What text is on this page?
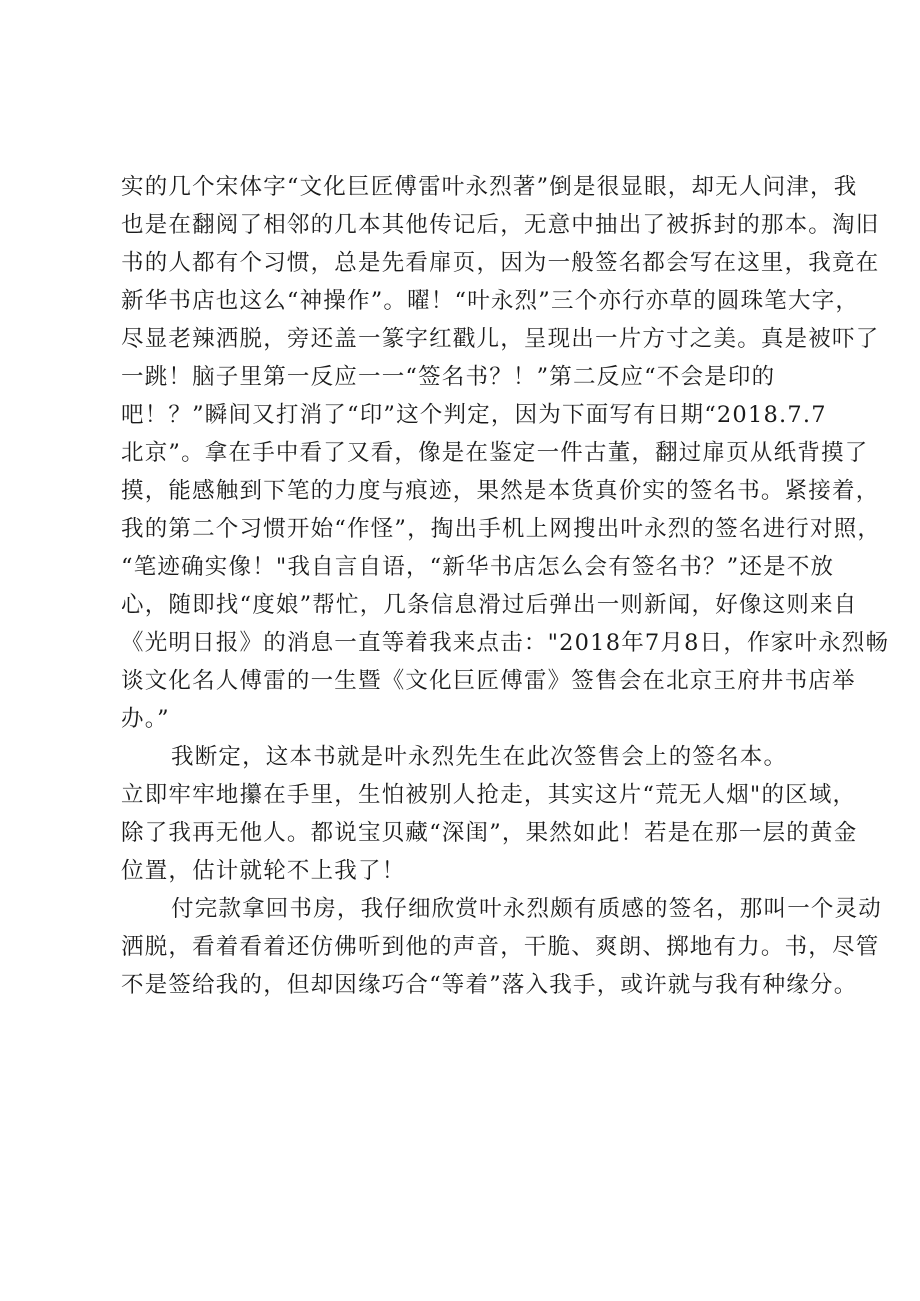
实的几个宋体字“文化巨匠傅雷叶永烈著”倒是很显眼，却无人问津，我
也是在翻阅了相邻的几本其他传记后，无意中抽出了被拆封的那本。淘旧
书的人都有个习惯，总是先看扉页，因为一般签名都会写在这里，我竟在
新华书店也这么“神操作”。曜！“叶永烈”三个亦行亦草的圆珠笔大字，
尽显老辣洒脱，旁还盖一篆字红戳儿，呈现出一片方寸之美。真是被吓了
一跳！脑子里第一反应一一“签名书？！”第二反应“不会是印的
吧！？”瞬间又打消了“印”这个判定，因为下面写有日期“2018.7.7
北京”。拿在手中看了又看，像是在鉴定一件古董，翻过扉页从纸背摸了
摸，能感触到下笔的力度与痕迹，果然是本货真价实的签名书。紧接着，
我的第二个习惯开始“作怪”，掏出手机上网搜出叶永烈的签名进行对照，
“笔迹确实像！"我自言自语，“新华书店怎么会有签名书？”还是不放
心，随即找“度娘”帮忙，几条信息滑过后弹出一则新闻，好像这则来自
《光明日报》的消息一直等着我来点击："2018年7月8日，作家叶永烈畅
谈文化名人傅雷的一生暨《文化巨匠傅雷》签售会在北京王府井书店举
办。”
我断定，这本书就是叶永烈先生在此次签售会上的签名本。
立即牢牢地攥在手里，生怕被别人抢走，其实这片“荒无人烟"的区域，
除了我再无他人。都说宝贝藏“深闺”，果然如此！若是在那一层的黄金
位置，估计就轮不上我了！
付完款拿回书房，我仔细欣赏叶永烈颇有质感的签名，那叫一个灵动
洒脱，看着看着还仿佛听到他的声音，干脆、爽朗、掷地有力。书，尽管
不是签给我的，但却因缘巧合“等着”落入我手，或许就与我有种缘分。
